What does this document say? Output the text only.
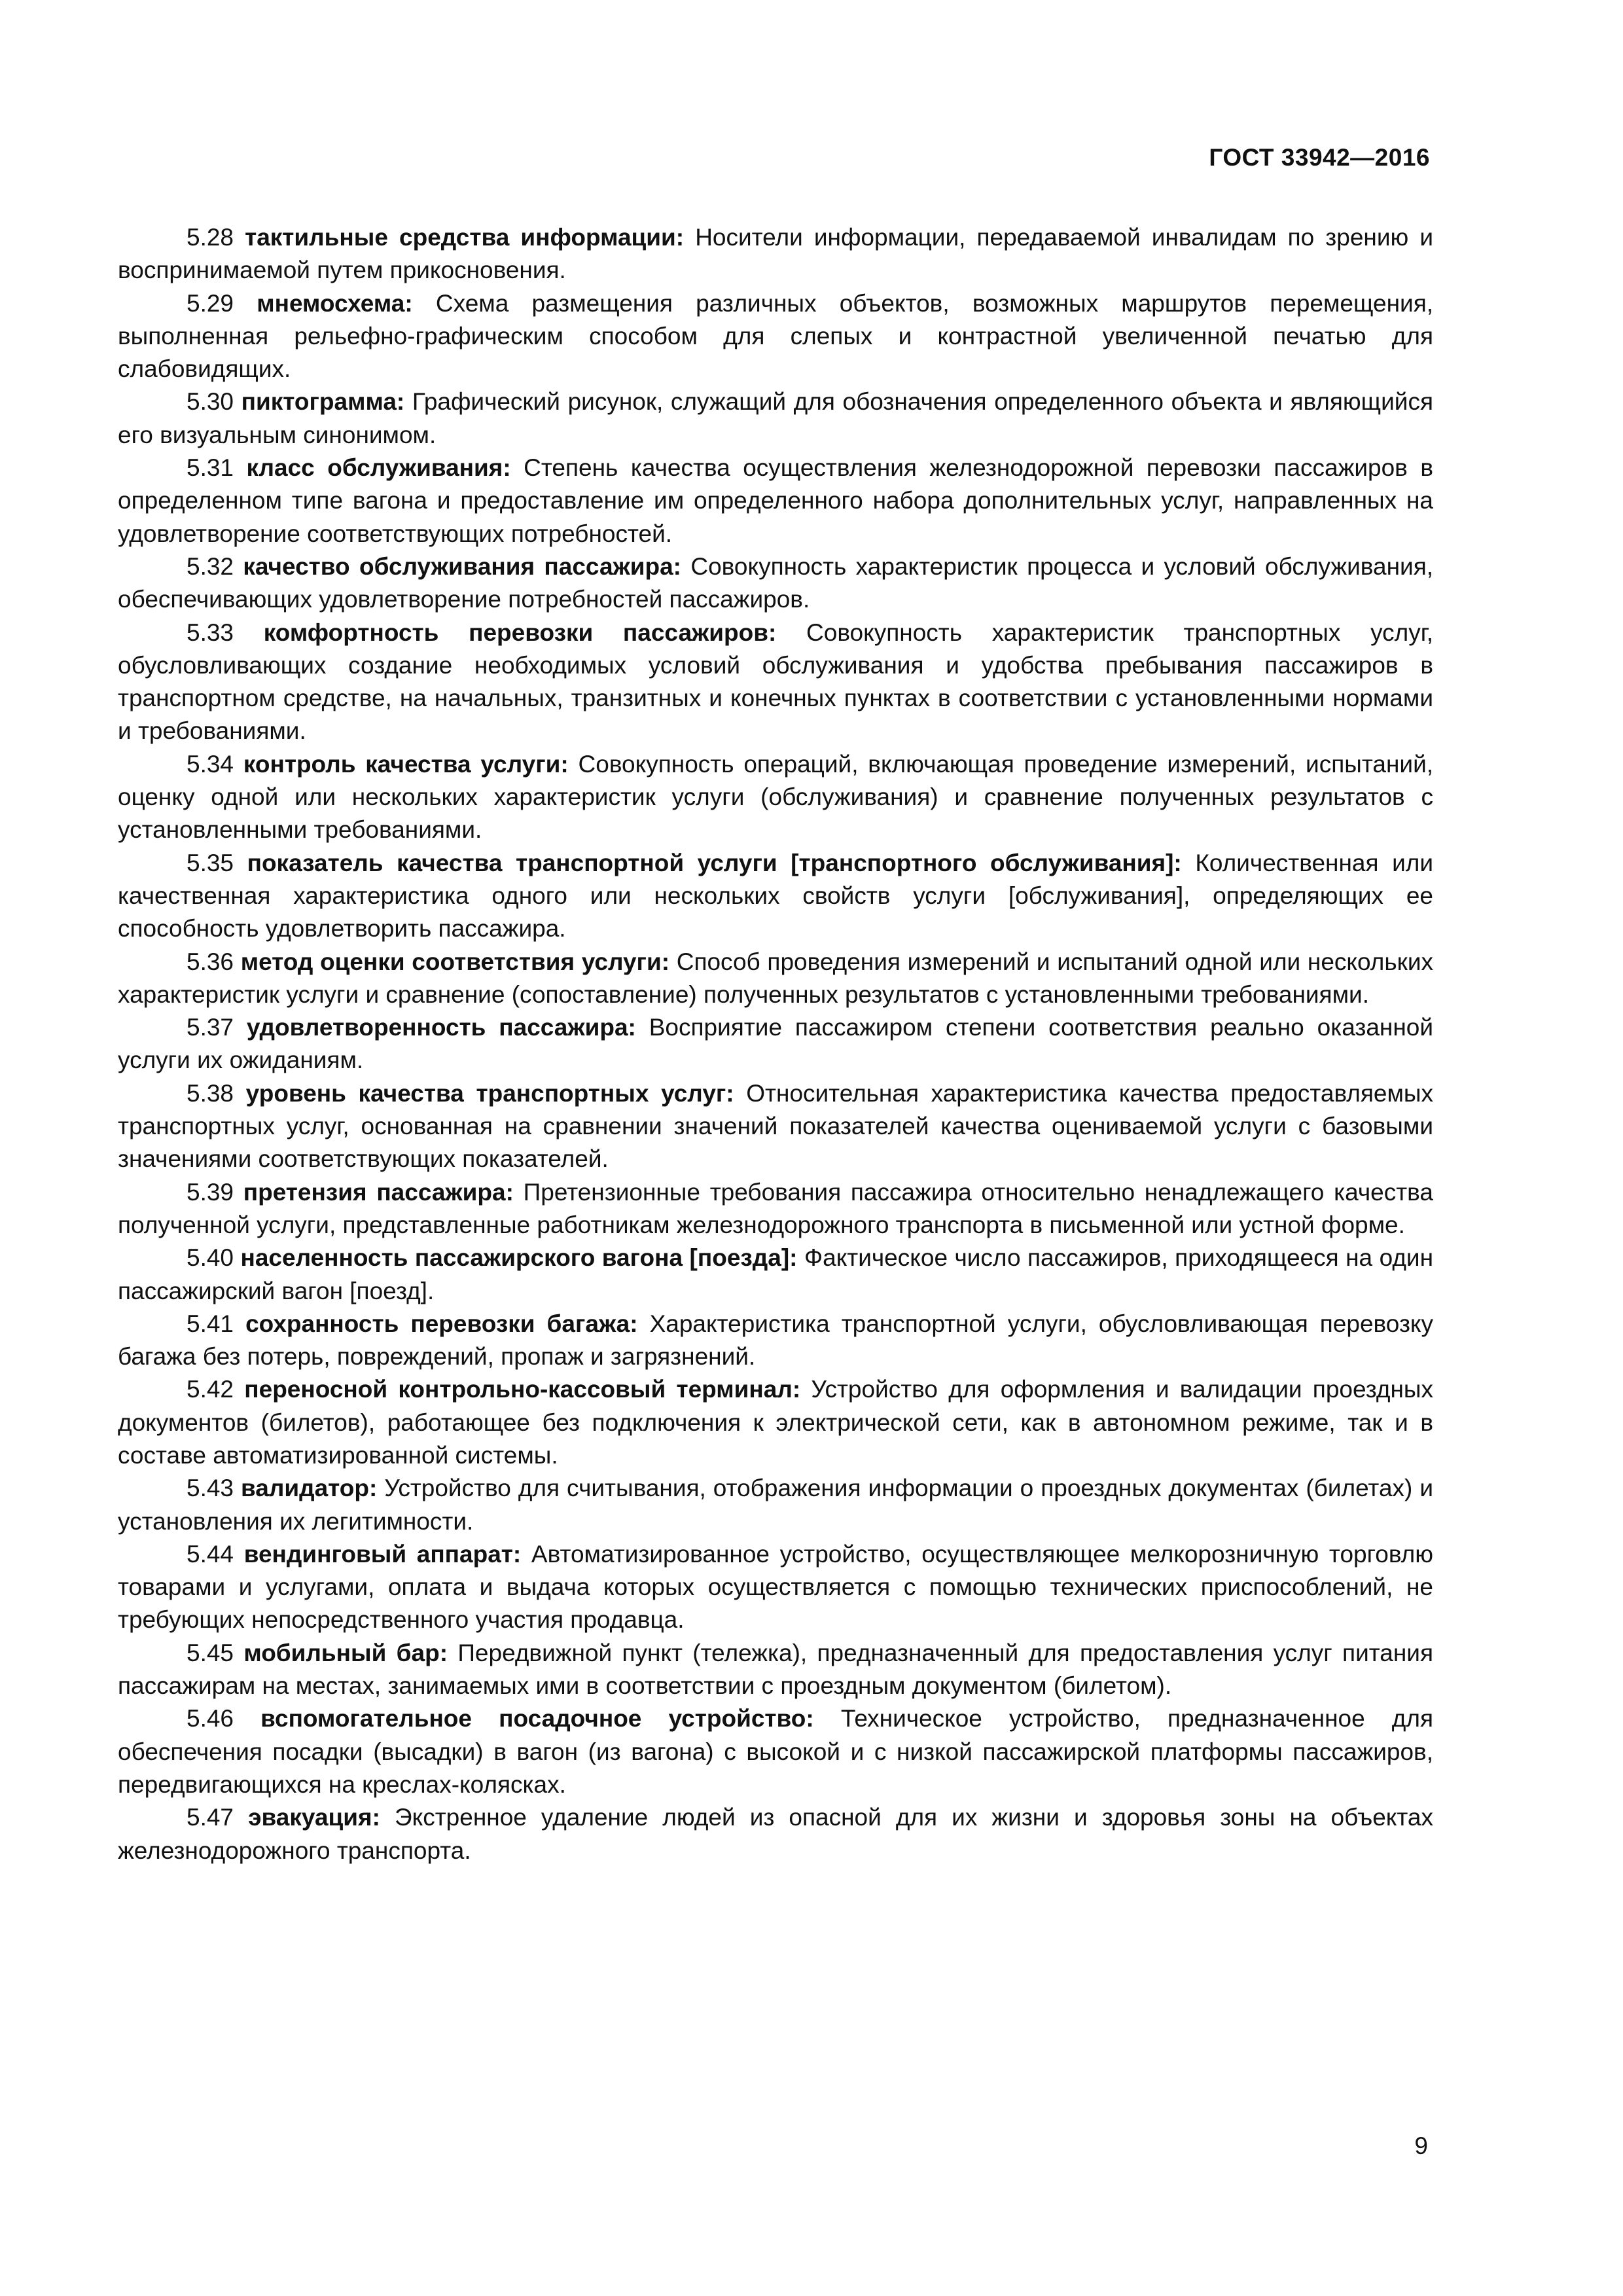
ГОСТ 33942—2016

5.28 тактильные средства информации: Носители информации, передаваемой инвалидам по зрению и воспринимаемой путем прикосновения.

5.29 мнемосхема: Схема размещения различных объектов, возможных маршрутов перемещения, выполненная рельефно-графическим способом для слепых и контрастной увеличенной печатью для слабовидящих.

5.30 пиктограмма: Графический рисунок, служащий для обозначения определенного объекта и являющийся его визуальным синонимом.

5.31 класс обслуживания: Степень качества осуществления железнодорожной перевозки пассажиров в определенном типе вагона и предоставление им определенного набора дополнительных услуг, направленных на удовлетворение соответствующих потребностей.

5.32 качество обслуживания пассажира: Совокупность характеристик процесса и условий обслуживания, обеспечивающих удовлетворение потребностей пассажиров.

5.33 комфортность перевозки пассажиров: Совокупность характеристик транспортных услуг, обусловливающих создание необходимых условий обслуживания и удобства пребывания пассажиров в транспортном средстве, на начальных, транзитных и конечных пунктах в соответствии с установленными нормами и требованиями.

5.34 контроль качества услуги: Совокупность операций, включающая проведение измерений, испытаний, оценку одной или нескольких характеристик услуги (обслуживания) и сравнение полученных результатов с установленными требованиями.

5.35 показатель качества транспортной услуги [транспортного обслуживания]: Количественная или качественная характеристика одного или нескольких свойств услуги [обслуживания], определяющих ее способность удовлетворить пассажира.

5.36 метод оценки соответствия услуги: Способ проведения измерений и испытаний одной или нескольких характеристик услуги и сравнение (сопоставление) полученных результатов с установленными требованиями.

5.37 удовлетворенность пассажира: Восприятие пассажиром степени соответствия реально оказанной услуги их ожиданиям.

5.38 уровень качества транспортных услуг: Относительная характеристика качества предоставляемых транспортных услуг, основанная на сравнении значений показателей качества оцениваемой услуги с базовыми значениями соответствующих показателей.

5.39 претензия пассажира: Претензионные требования пассажира относительно ненадлежащего качества полученной услуги, представленные работникам железнодорожного транспорта в письменной или устной форме.

5.40 населенность пассажирского вагона [поезда]: Фактическое число пассажиров, приходящееся на один пассажирский вагон [поезд].

5.41 сохранность перевозки багажа: Характеристика транспортной услуги, обусловливающая перевозку багажа без потерь, повреждений, пропаж и загрязнений.

5.42 переносной контрольно-кассовый терминал: Устройство для оформления и валидации проездных документов (билетов), работающее без подключения к электрической сети, как в автономном режиме, так и в составе автоматизированной системы.

5.43 валидатор: Устройство для считывания, отображения информации о проездных документах (билетах) и установления их легитимности.

5.44 вендинговый аппарат: Автоматизированное устройство, осуществляющее мелкорозничную торговлю товарами и услугами, оплата и выдача которых осуществляется с помощью технических приспособлений, не требующих непосредственного участия продавца.

5.45 мобильный бар: Передвижной пункт (тележка), предназначенный для предоставления услуг питания пассажирам на местах, занимаемых ими в соответствии с проездным документом (билетом).

5.46 вспомогательное посадочное устройство: Техническое устройство, предназначенное для обеспечения посадки (высадки) в вагон (из вагона) с высокой и с низкой пассажирской платформы пассажиров, передвигающихся на креслах-колясках.

5.47 эвакуация: Экстренное удаление людей из опасной для их жизни и здоровья зоны на объектах железнодорожного транспорта.

9
